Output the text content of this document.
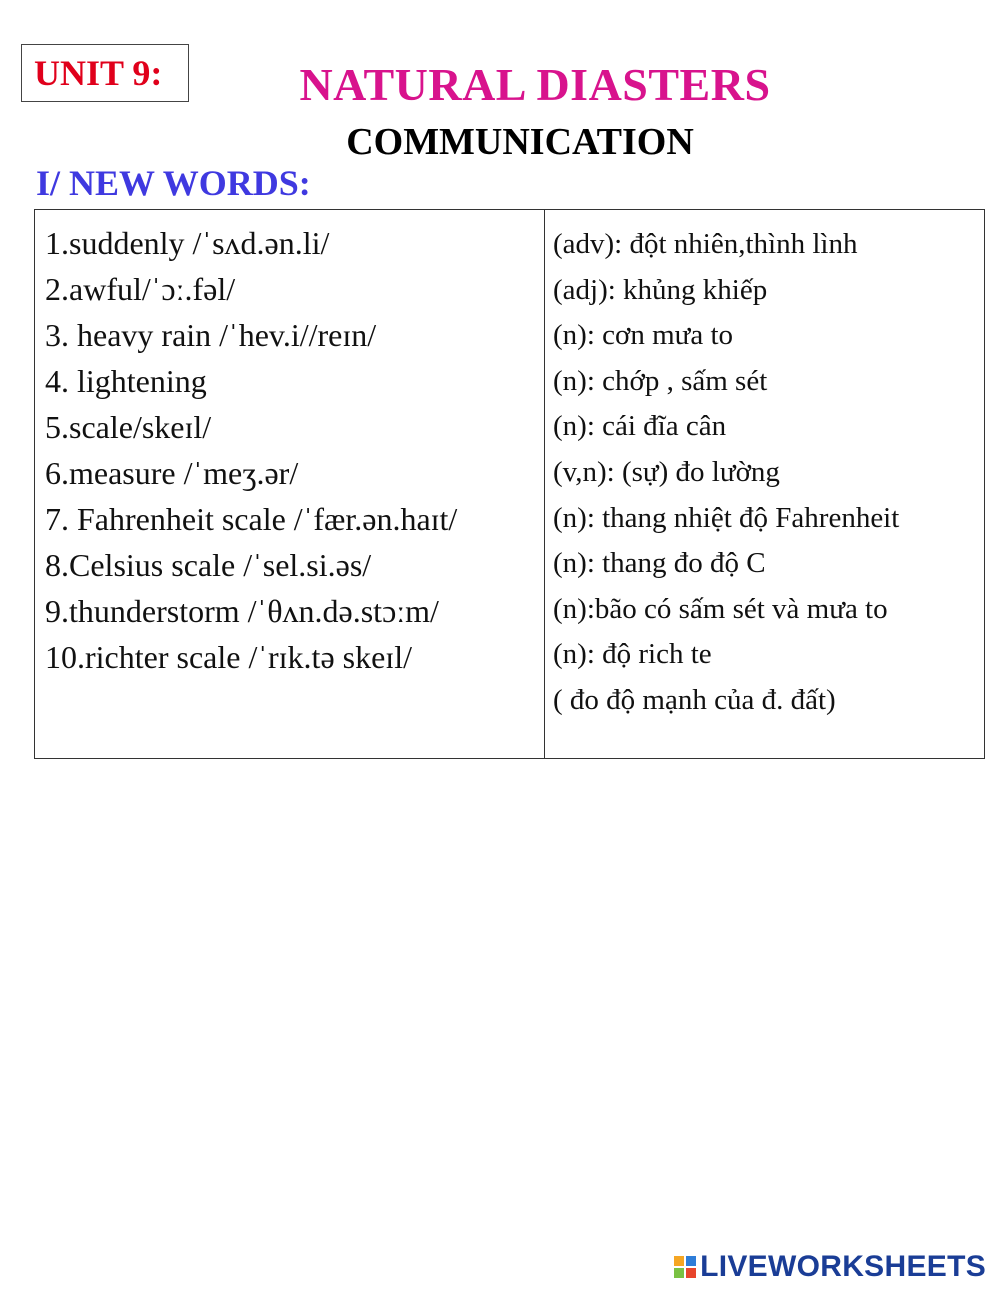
UNIT 9:	NATURAL DIASTERS
COMMUNICATION
I/ NEW WORDS:
1.suddenly /ˈsʌd.ən.li/
2.awful/ˈɔː.fəl/
3. heavy rain /ˈhev.i//reɪn/
4. lightening
5.scale/skeɪl/
6.measure /ˈmeʒ.ər/
7. Fahrenheit scale /ˈfær.ən.haɪt/
8.Celsius scale /ˈsel.si.əs/
9.thunderstorm /ˈθʌn.də.stɔːm/
10.richter scale /ˈrɪk.tə skeɪl/
(adv): đột nhiên,thình lình
(adj): khủng khiếp
(n): cơn mưa to
(n): chớp , sấm sét
(n): cái đĩa cân
(v,n): (sự) đo lường
(n): thang nhiệt độ Fahrenheit
(n): thang đo độ C
(n):bão có sấm sét và mưa to
(n): độ rich te
( đo độ mạnh của đ. đất)
LIVEWORKSHEETS
